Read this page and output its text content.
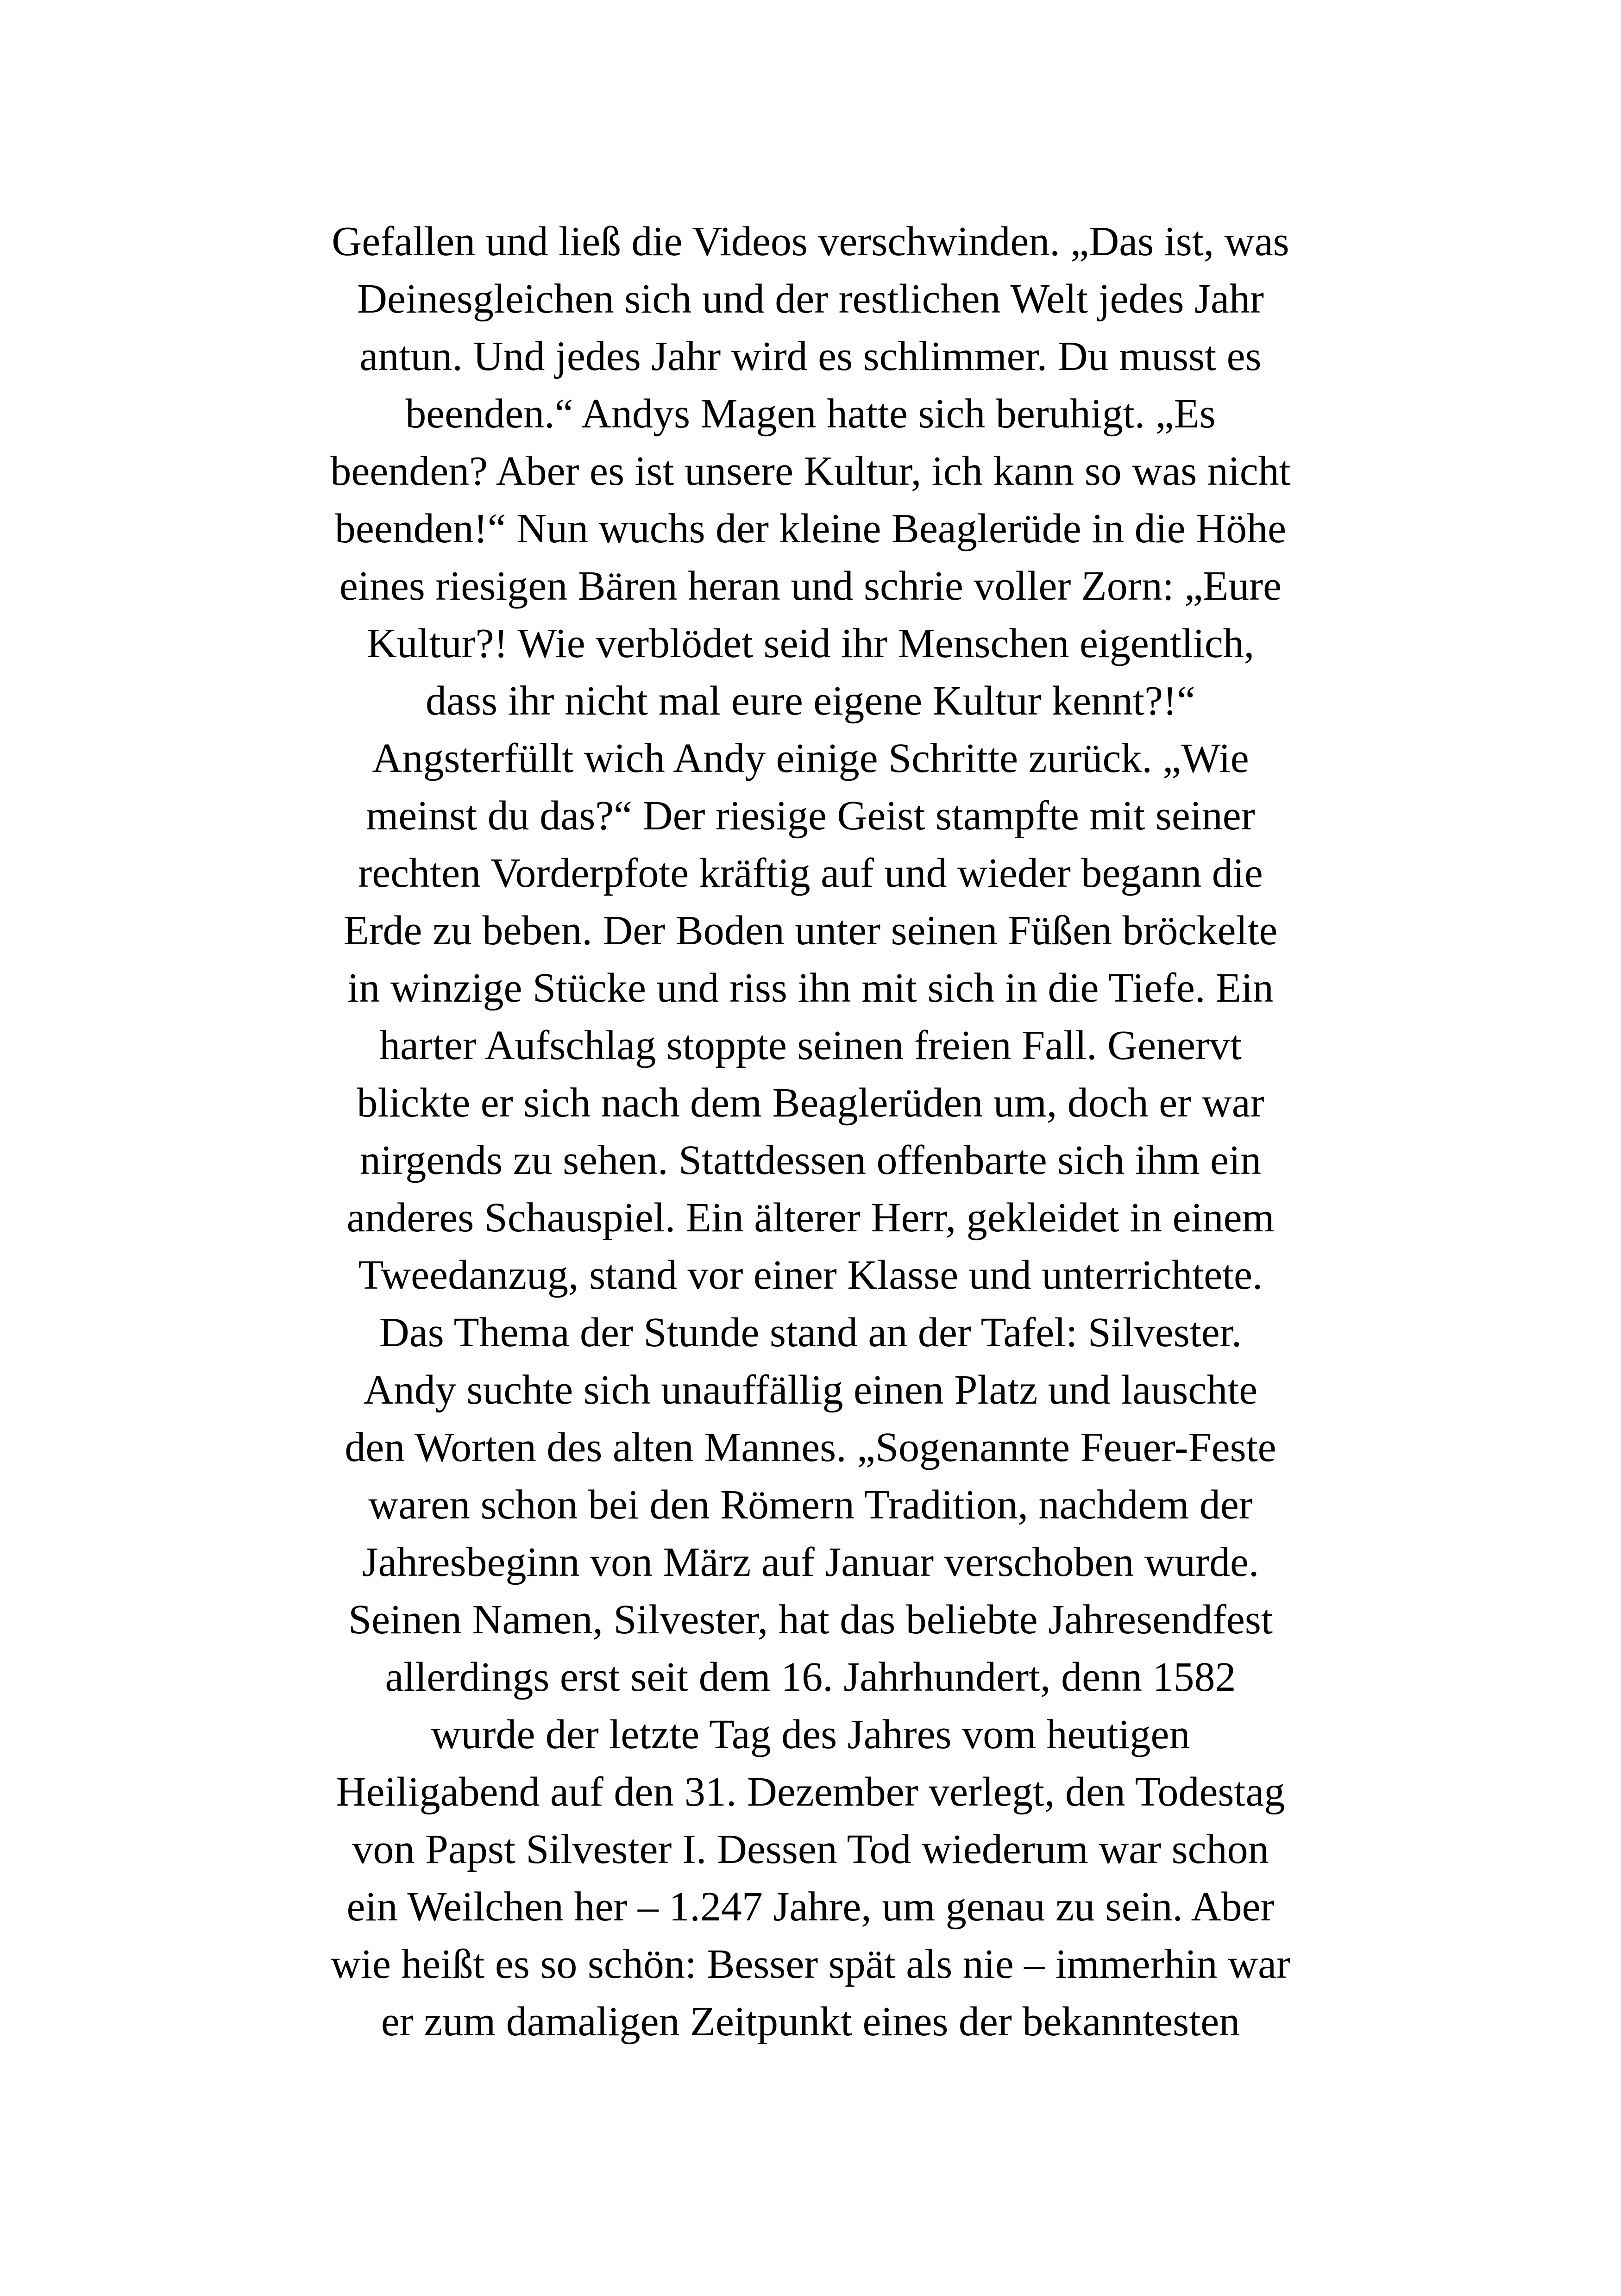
Gefallen und ließ die Videos verschwinden. „Das ist, was
Deinesgleichen sich und der restlichen Welt jedes Jahr
antun. Und jedes Jahr wird es schlimmer. Du musst es
beenden.“ Andys Magen hatte sich beruhigt. „Es
beenden? Aber es ist unsere Kultur, ich kann so was nicht
beenden!“ Nun wuchs der kleine Beaglerüde in die Höhe
eines riesigen Bären heran und schrie voller Zorn: „Eure
Kultur?! Wie verblödet seid ihr Menschen eigentlich,
dass ihr nicht mal eure eigene Kultur kennt?!“
Angsterfüllt wich Andy einige Schritte zurück. „Wie
meinst du das?“ Der riesige Geist stampfte mit seiner
rechten Vorderpfote kräftig auf und wieder begann die
Erde zu beben. Der Boden unter seinen Füßen bröckelte
in winzige Stücke und riss ihn mit sich in die Tiefe. Ein
harter Aufschlag stoppte seinen freien Fall. Genervt
blickte er sich nach dem Beaglerüden um, doch er war
nirgends zu sehen. Stattdessen offenbarte sich ihm ein
anderes Schauspiel. Ein älterer Herr, gekleidet in einem
Tweedanzug, stand vor einer Klasse und unterrichtete.
Das Thema der Stunde stand an der Tafel: Silvester.
Andy suchte sich unauffällig einen Platz und lauschte
den Worten des alten Mannes. „Sogenannte Feuer-Feste
waren schon bei den Römern Tradition, nachdem der
Jahresbeginn von März auf Januar verschoben wurde.
Seinen Namen, Silvester, hat das beliebte Jahresendfest
allerdings erst seit dem 16. Jahrhundert, denn 1582
wurde der letzte Tag des Jahres vom heutigen
Heiligabend auf den 31. Dezember verlegt, den Todestag
von Papst Silvester I. Dessen Tod wiederum war schon
ein Weilchen her – 1.247 Jahre, um genau zu sein. Aber
wie heißt es so schön: Besser spät als nie – immerhin war
er zum damaligen Zeitpunkt eines der bekanntesten
